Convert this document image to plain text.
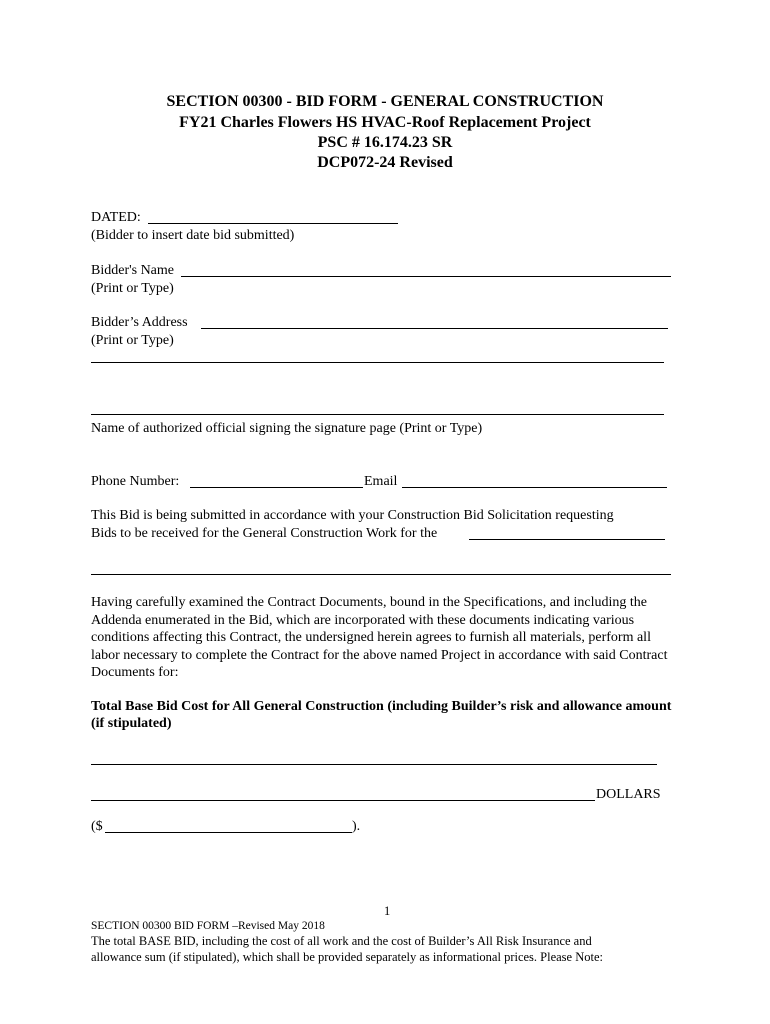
SECTION 00300 - BID FORM - GENERAL CONSTRUCTION
FY21 Charles Flowers HS HVAC-Roof Replacement Project
PSC # 16.174.23 SR
DCP072-24 Revised
DATED:
(Bidder to insert date bid submitted)
Bidder's Name
(Print or Type)
Bidder’s Address
(Print or Type)
Name of authorized official signing the signature page (Print or Type)
Phone Number:	Email
This Bid is being submitted in accordance with your Construction Bid Solicitation requesting
Bids to be received for the General Construction Work for the
Having carefully examined the Contract Documents, bound in the Specifications, and including the Addenda enumerated in the Bid, which are incorporated with these documents indicating various conditions affecting this Contract, the undersigned herein agrees to furnish all materials, perform all labor necessary to complete the Contract for the above named Project in accordance with said Contract Documents for:
Total Base Bid Cost for All General Construction (including Builder’s risk and allowance amount (if stipulated)
DOLLARS
($	).
1
SECTION 00300 BID FORM –Revised May 2018
The total BASE BID, including the cost of all work and the cost of Builder’s All Risk Insurance and
allowance sum (if stipulated), which shall be provided separately as informational prices. Please Note:
